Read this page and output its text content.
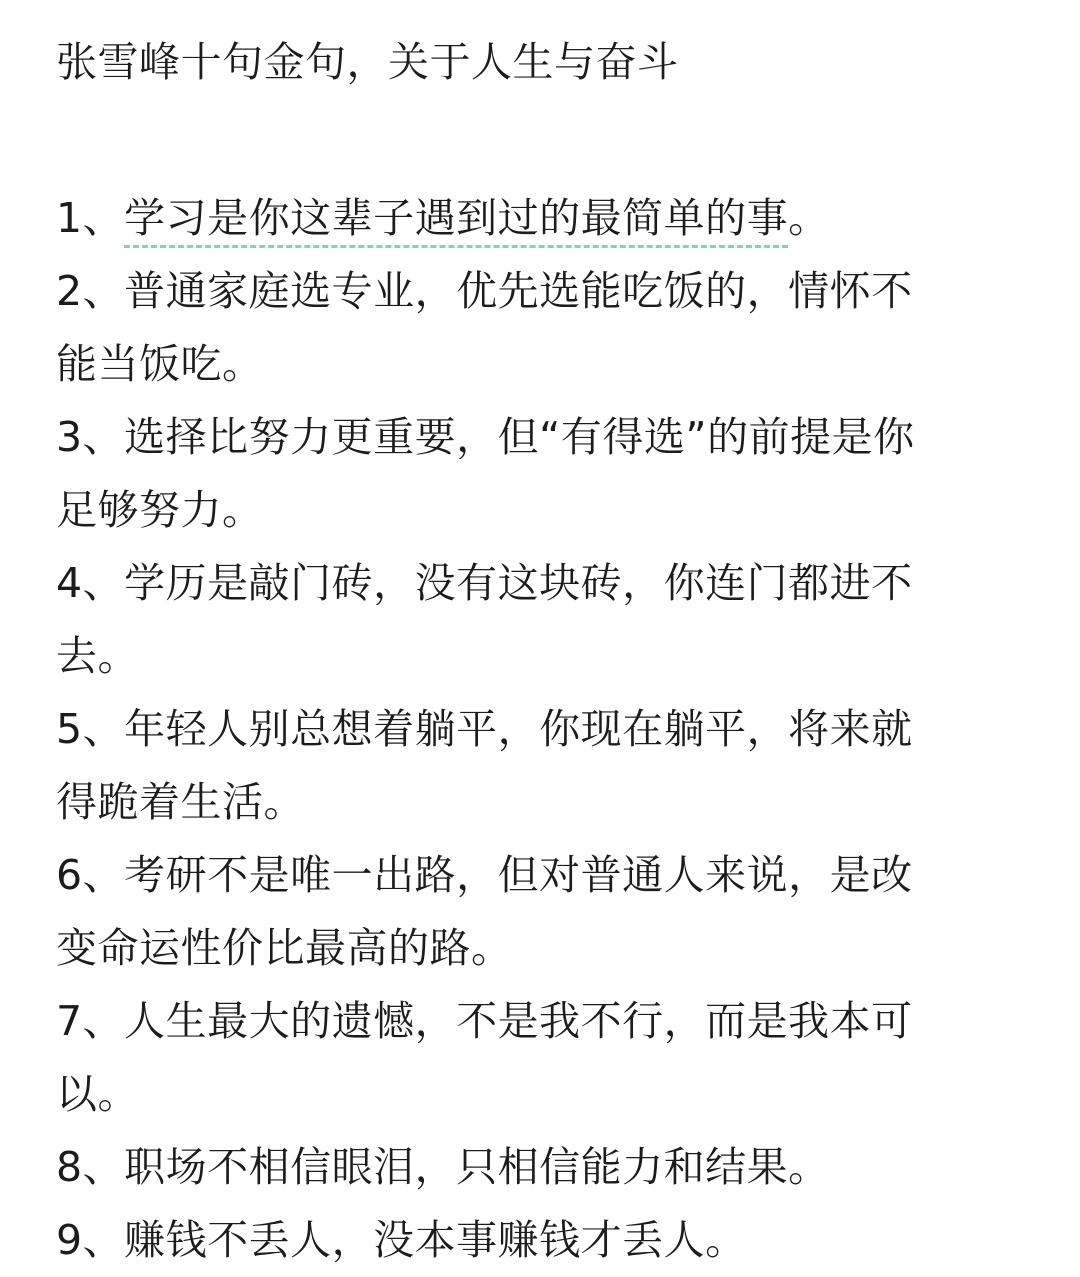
张雪峰十句金句，关于人生与奋斗
1、学习是你这辈子遇到过的最简单的事。
2、普通家庭选专业，优先选能吃饭的，情怀不
能当饭吃。
3、选择比努力更重要，但“有得选”的前提是你
足够努力。
4、学历是敲门砖，没有这块砖，你连门都进不
去。
5、年轻人别总想着躺平，你现在躺平，将来就
得跪着生活。
6、考研不是唯一出路，但对普通人来说，是改
变命运性价比最高的路。
7、人生最大的遗憾，不是我不行，而是我本可
以。
8、职场不相信眼泪，只相信能力和结果。
9、赚钱不丢人，没本事赚钱才丢人。
